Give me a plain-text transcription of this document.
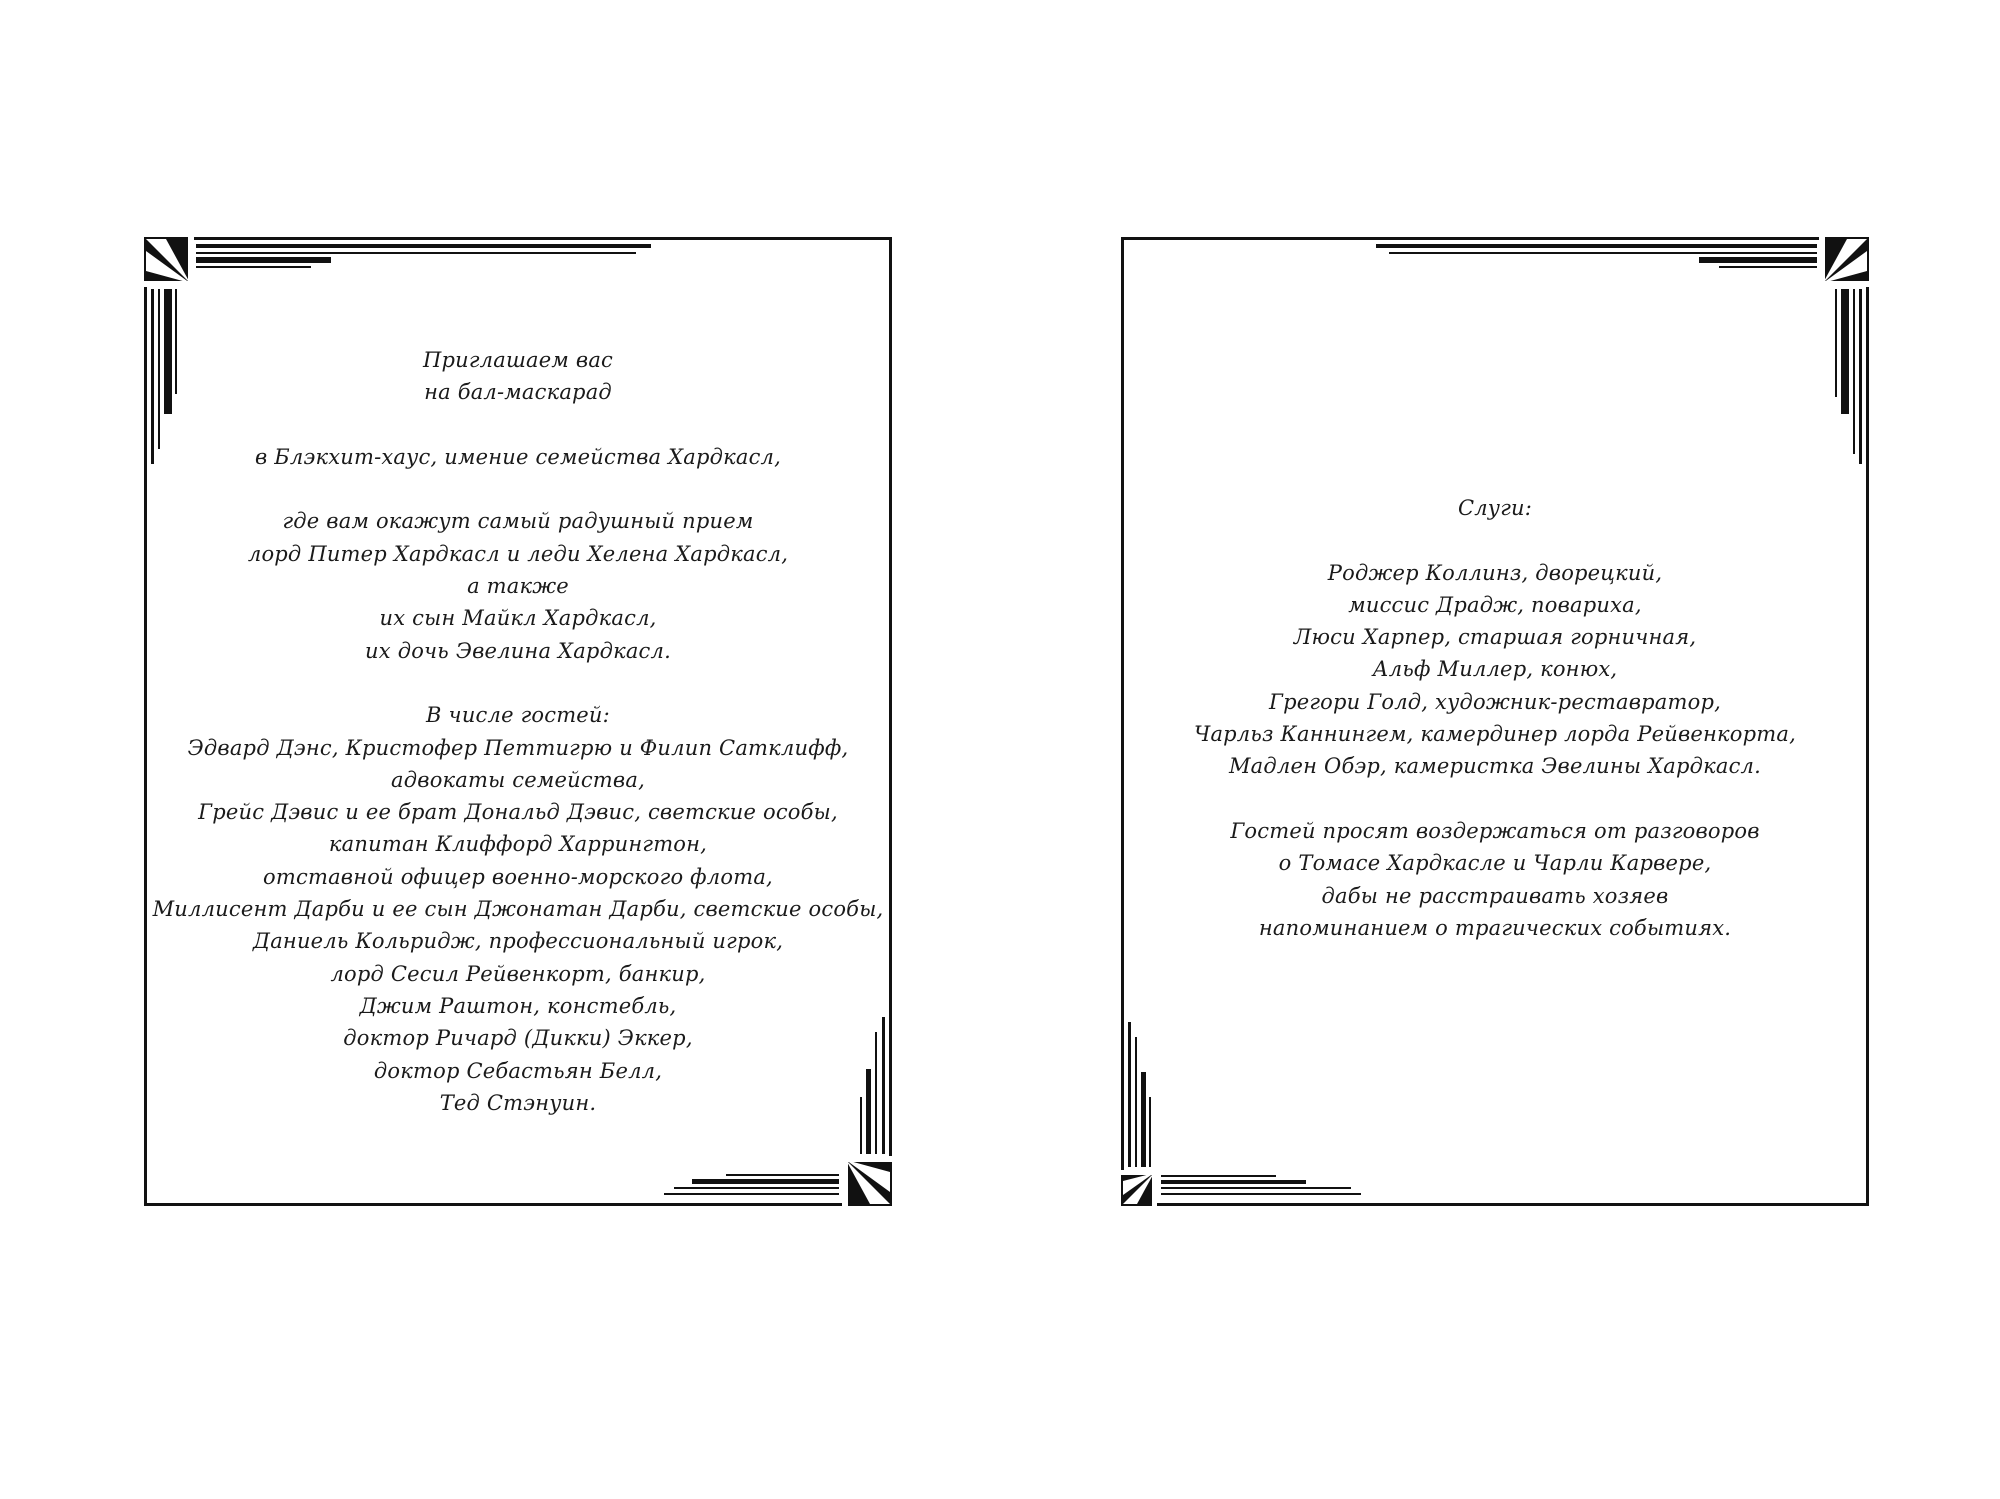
Приглашаем вас
на бал-маскарад
в Блэкхит-хаус, имение семейства Хардкасл,
где вам окажут самый радушный прием
лорд Питер Хардкасл и леди Хелена Хардкасл,
а также
их сын Майкл Хардкасл,
их дочь Эвелина Хардкасл.
В числе гостей:
Эдвард Дэнс, Кристофер Петтигрю и Филип Сатклифф,
адвокаты семейства,
Грейс Дэвис и ее брат Дональд Дэвис, светские особы,
капитан Клиффорд Харрингтон,
отставной офицер военно-морского флота,
Миллисент Дарби и ее сын Джонатан Дарби, светские особы,
Даниель Кольридж, профессиональный игрок,
лорд Сесил Рейвенкорт, банкир,
Джим Раштон, констебль,
доктор Ричард (Дикки) Эккер,
доктор Себастьян Белл,
Тед Стэнуин.
Слуги:
Роджер Коллинз, дворецкий,
миссис Драдж, повариха,
Люси Харпер, старшая горничная,
Альф Миллер, конюх,
Грегори Голд, художник-реставратор,
Чарльз Каннингем, камердинер лорда Рейвенкорта,
Мадлен Обэр, камеристка Эвелины Хардкасл.
Гостей просят воздержаться от разговоров
о Томасе Хардкасле и Чарли Карвере,
дабы не расстраивать хозяев
напоминанием о трагических событиях.
